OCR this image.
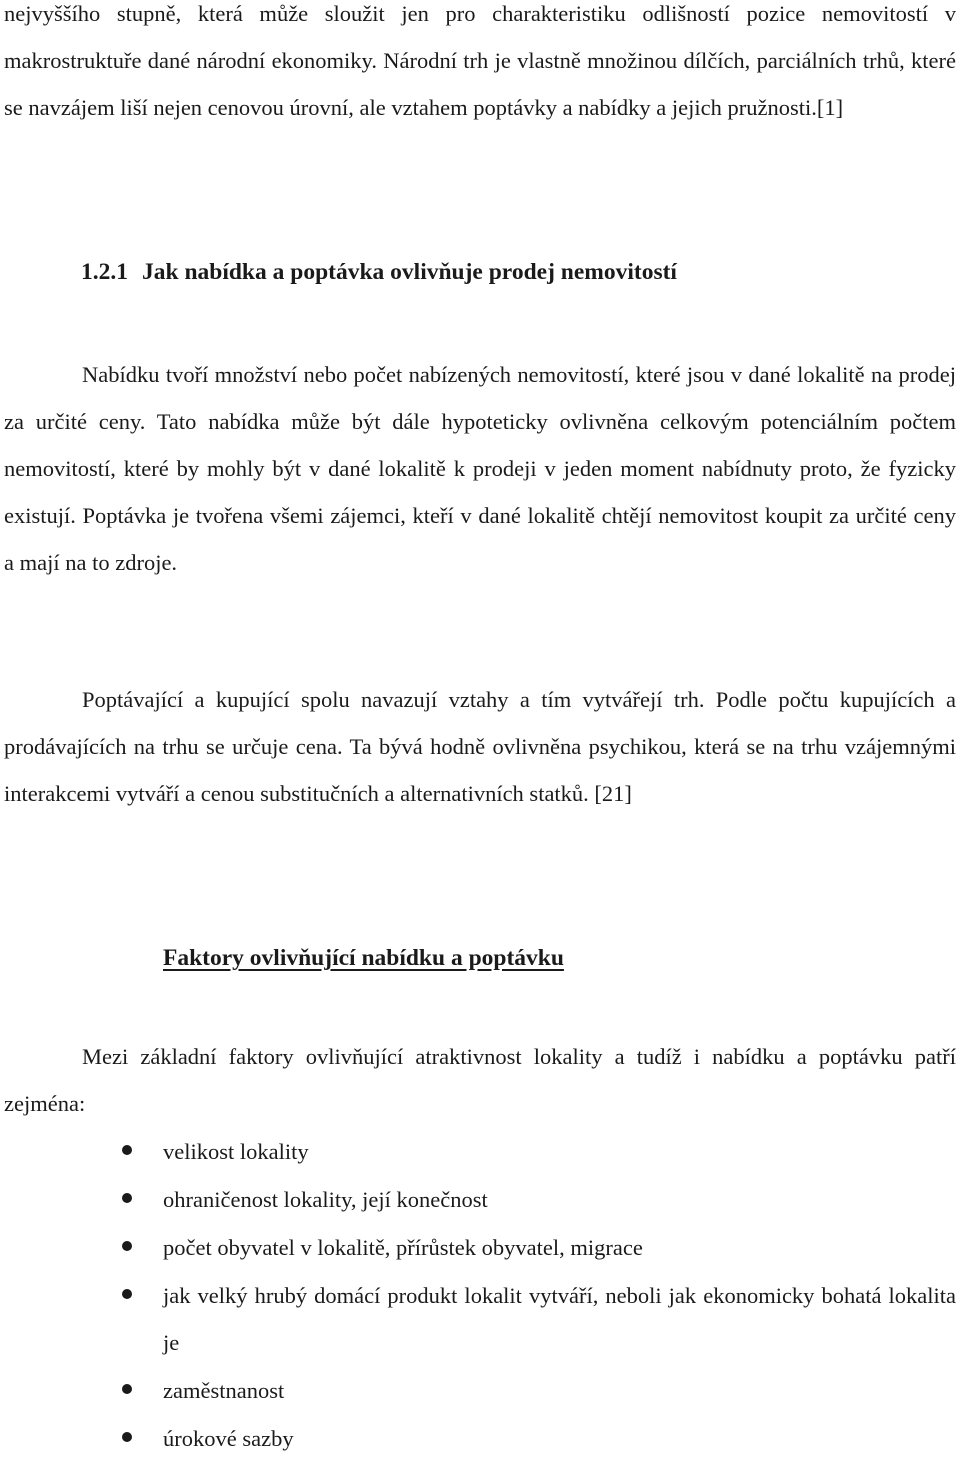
nejvyššího stupně, která může sloužit jen pro charakteristiku odlišností pozice nemovitostí v makrostruktuře dané národní ekonomiky. Národní trh je vlastně množinou dílčích, parciálních trhů, které se navzájem liší nejen cenovou úrovní, ale vztahem poptávky a nabídky a jejich pružnosti.[1]

1.2.1 Jak nabídka a poptávka ovlivňuje prodej nemovitostí

Nabídku tvoří množství nebo počet nabízených nemovitostí, které jsou v dané lokalitě na prodej za určité ceny. Tato nabídka může být dále hypoteticky ovlivněna celkovým potenciálním počtem nemovitostí, které by mohly být v dané lokalitě k prodeji v jeden moment nabídnuty proto, že fyzicky existují. Poptávka je tvořena všemi zájemci, kteří v dané lokalitě chtějí nemovitost koupit za určité ceny a mají na to zdroje.

Poptávající a kupující spolu navazují vztahy a tím vytvářejí trh. Podle počtu kupujících a prodávajících na trhu se určuje cena. Ta bývá hodně ovlivněna psychikou, která se na trhu vzájemnými interakcemi vytváří a cenou substitučních a alternativních statků. [21]

Faktory ovlivňující nabídku a poptávku

Mezi základní faktory ovlivňující atraktivnost lokality a tudíž i nabídku a poptávku patří zejména:

velikost lokality
ohraničenost lokality, její konečnost
počet obyvatel v lokalitě, přírůstek obyvatel, migrace
jak velký hrubý domácí produkt lokalit vytváří, neboli jak ekonomicky bohatá lokalita je
zaměstnanost
úrokové sazby
